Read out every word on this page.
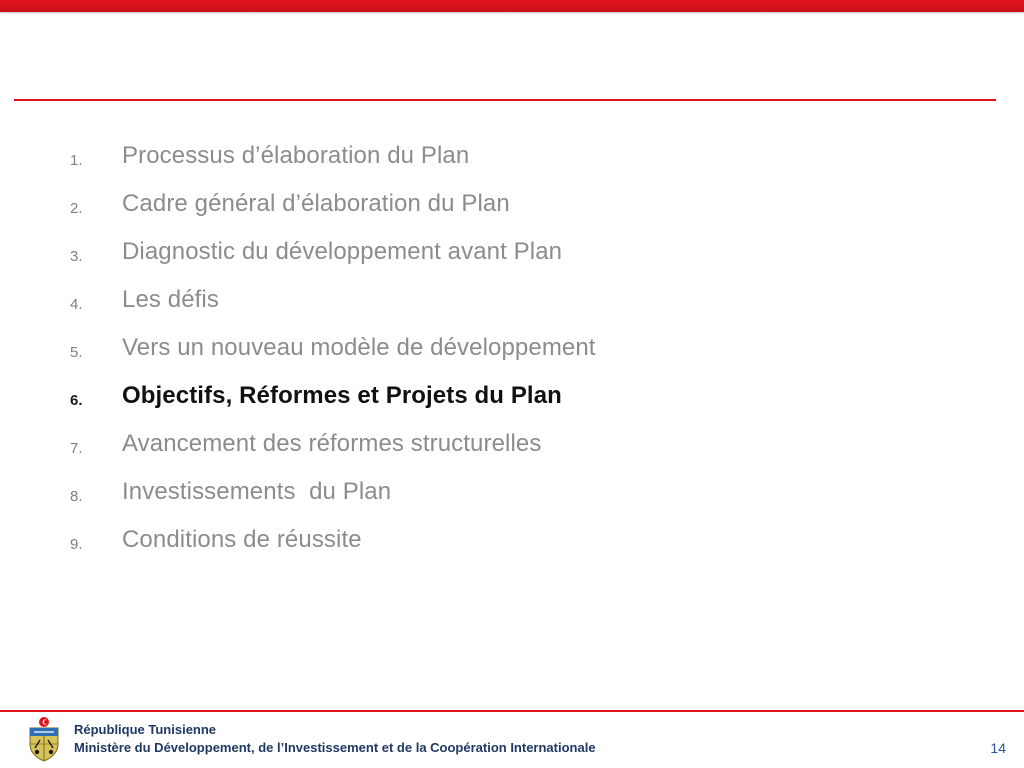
1. Processus d’élaboration du Plan
2. Cadre général d’élaboration du Plan
3. Diagnostic du développement avant Plan
4. Les défis
5. Vers un nouveau modèle de développement
6. Objectifs, Réformes et Projets du Plan
7. Avancement des réformes structurelles
8. Investissements  du Plan
9. Conditions de réussite
République Tunisienne
Ministère du Développement, de l’Investissement et de la Coopération Internationale	14
